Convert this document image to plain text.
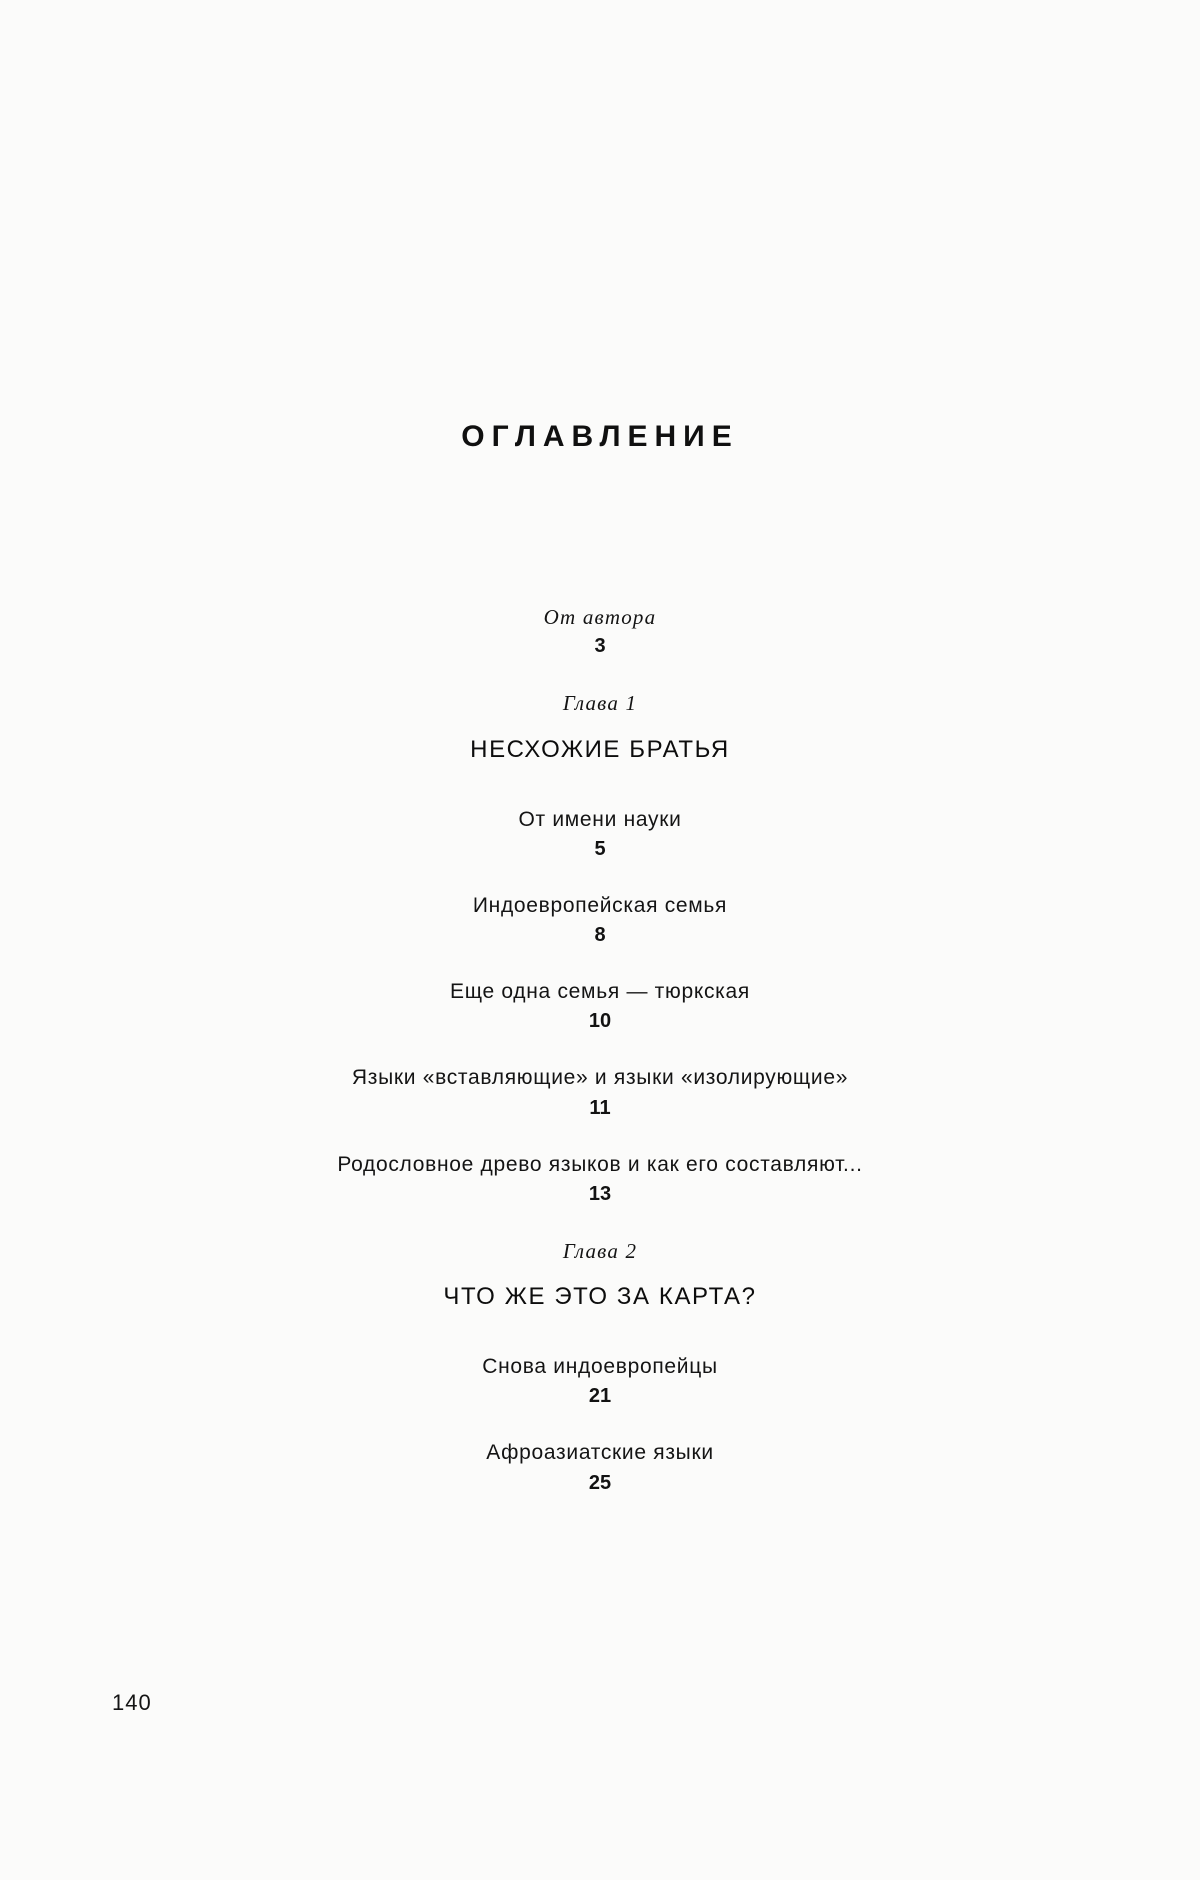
ОГЛАВЛЕНИЕ
От автора
3
Глава 1
НЕСХОЖИЕ БРАТЬЯ
От имени науки
5
Индоевропейская семья
8
Еще одна семья — тюркская
10
Языки «вставляющие» и языки «изолирующие»
11
Родословное древо языков и как его составляют...
13
Глава 2
ЧТО ЖЕ ЭТО ЗА КАРТА?
Снова индоевропейцы
21
Афроазиатские языки
25
140
